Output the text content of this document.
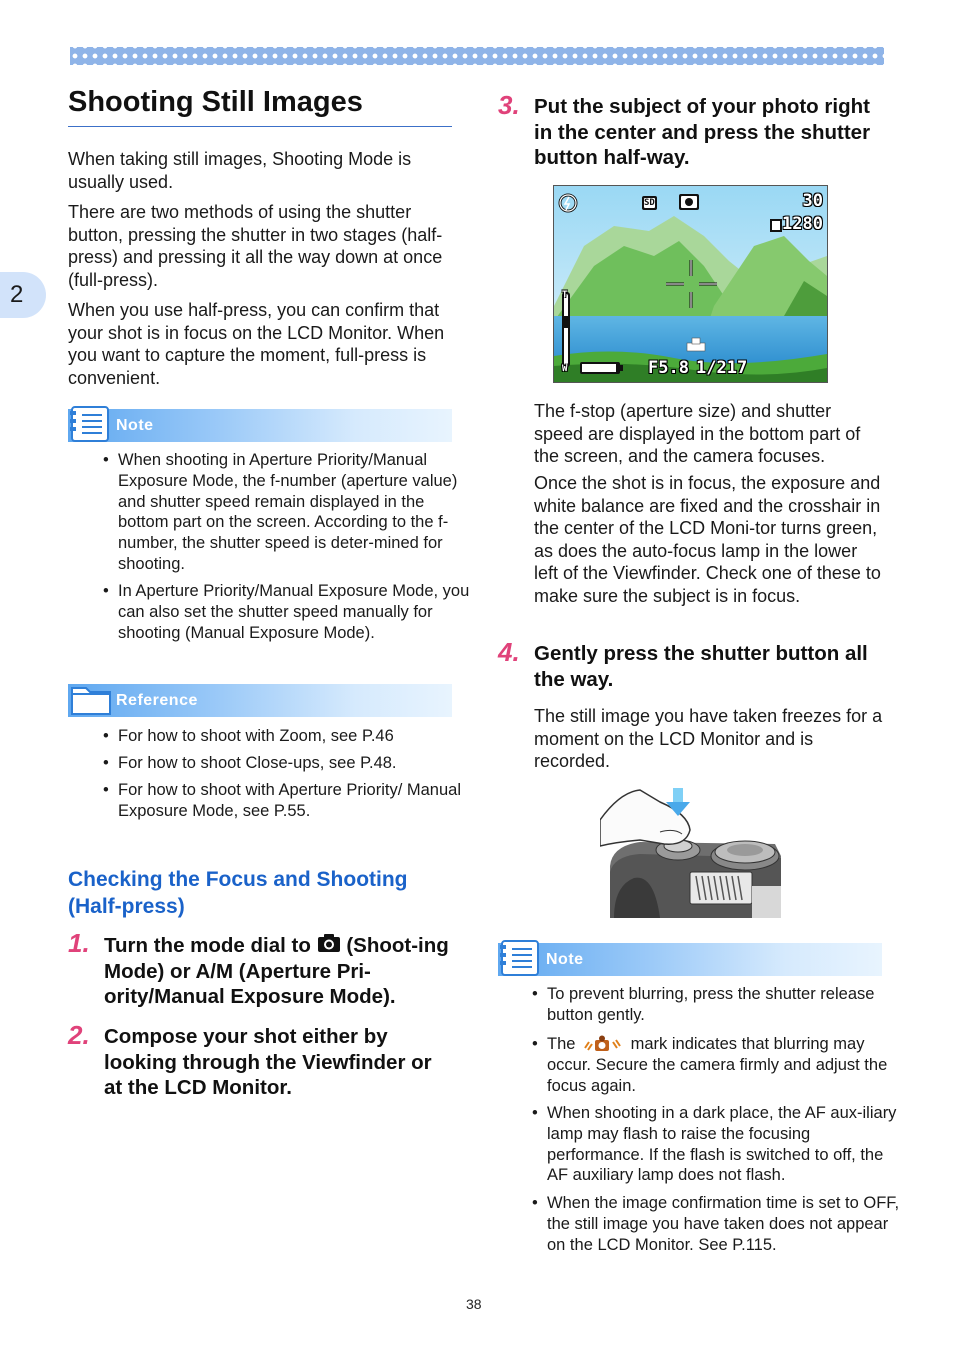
2
Shooting Still Images
When taking still images, Shooting Mode is usually used.
There are two methods of using the shutter button, pressing the shutter in two stages (half-press) and pressing it all the way down at once (full-press).
When you use half-press, you can confirm that your shot is in focus on the LCD Monitor. When you want to capture the moment, full-press is convenient.
Note
• When shooting in Aperture Priority/Manual Exposure Mode, the f-number (aperture value) and shutter speed remain displayed in the bottom part on the screen. According to the f-number, the shutter speed is deter-mined for shooting.
• In Aperture Priority/Manual Exposure Mode, you can also set the shutter speed manually for shooting (Manual Exposure Mode).
Reference
• For how to shoot with Zoom, see P.46
• For how to shoot Close-ups, see P.48.
• For how to shoot with Aperture Priority/ Manual Exposure Mode, see P.55.
Checking the Focus and Shooting (Half-press)
1. Turn the mode dial to (Shoot-ing Mode) or A/M (Aperture Pri-ority/Manual Exposure Mode).
2. Compose your shot either by looking through the Viewfinder or at the LCD Monitor.
3. Put the subject of your photo right in the center and press the shutter button half-way.
SD	30
1280
T
W	F5.8 1/217
The f-stop (aperture size) and shutter speed are displayed in the bottom part of the screen, and the camera focuses.
Once the shot is in focus, the exposure and white balance are fixed and the crosshair in the center of the LCD Moni-tor turns green, as does the auto-focus lamp in the lower left of the Viewfinder. Check one of these to make sure the subject is in focus.
4. Gently press the shutter button all the way.
The still image you have taken freezes for a moment on the LCD Monitor and is recorded.
Note
• To prevent blurring, press the shutter release button gently.
• The	mark indicates that blurring may occur. Secure the camera firmly and adjust the focus again.
• When shooting in a dark place, the AF aux-iliary lamp may flash to raise the focusing performance. If the flash is switched to off, the AF auxiliary lamp does not flash.
• When the image confirmation time is set to OFF, the still image you have taken does not appear on the LCD Monitor. See P.115.
38
